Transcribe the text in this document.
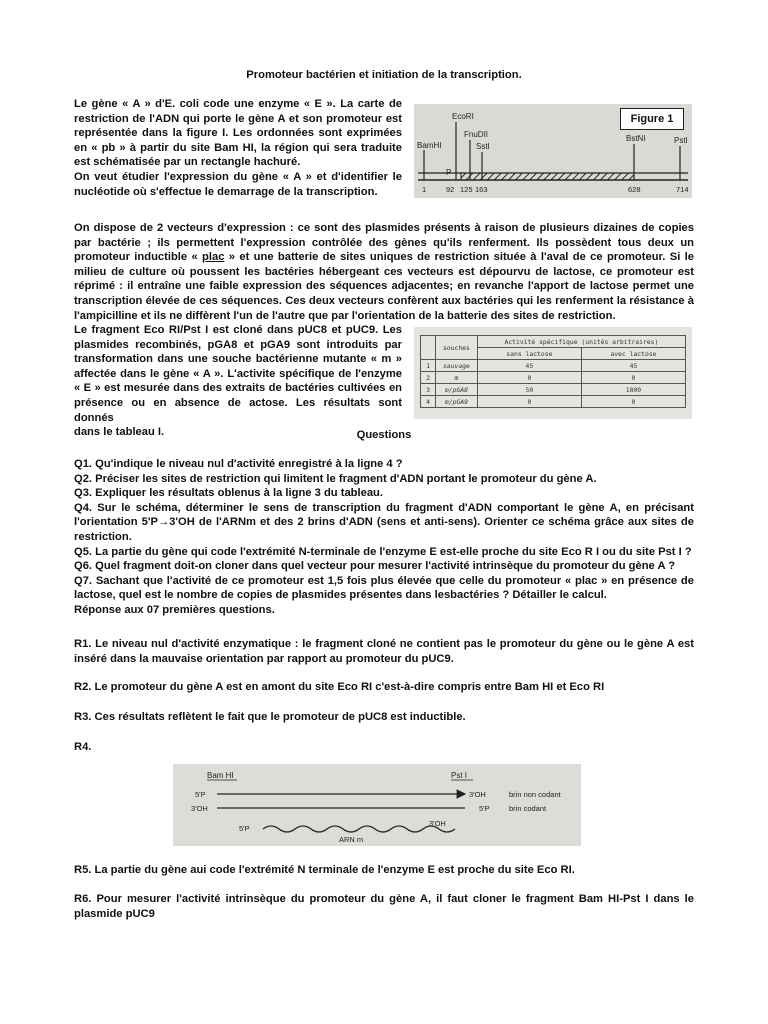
Promoteur bactérien et initiation de la transcription.

Le gène « A » d'E. coli code une enzyme « E ». La carte de

restriction de l'ADN qui porte le gène A et son promoteur est

représentée dans la figure I. Les ordonnées sont exprimées

en « pb » à partir du site Bam HI, la région qui sera traduite

est schématisée par un rectangle hachuré.

On veut étudier l'expression du gène « A » et d'identifier le

nucléotide où s'effectue le demarrage de la transcription.

BamHI
EcoRI
FnuDII
SstI
BstNI	PstI
P
1	92 125 163	628	714
Figure 1
On dispose de 2 vecteurs d'expression : ce sont des plasmides présents à raison de plusieurs dizaines de copies par bactérie ; ils permettent l'expression contrôlée des gènes qu'ils renferment. Ils possèdent tous deux un promoteur inductible « plac » et une batterie de sites uniques de restriction située à l'aval de ce promoteur. Si le milieu de culture où poussent les bactéries hébergeant ces vecteurs est dépourvu de lactose, ce promoteur est réprimé : il entraîne une faible expression des séquences adjacentes; en revanche l'apport de lactose permet une transcription élevée de ces séquences. Ces deux vecteurs confèrent aux bactéries qui les renferment la résistance à l'ampicilline et ils ne diffèrent l'un de l'autre que par l'orientation de la batterie des sites de restriction.

Le fragment Eco RI/Pst I est cloné dans pUC8 et pUC9. Les

plasmides recombinés, pGA8 et pGA9 sont introduits par

transformation dans une souche bactérienne mutante « m »

affectée dans le gène « A ». L'activite spécifique de l'enzyme

« E » est mesurée dans des extraits de bactéries cultivées en

présence ou en absence de actose. Les résultats sont donnés

dans le tableau I.

	souches	Activité spécifique (unités arbitraires)	
		sans lactose	avec lactose
1	sauvage	45	45
2	m	0	0
3	m/pGA8	50	1800
4	m/pGA9	0	0
Questions

Q1. Qu'indique le niveau nul d'activité enregistré à la ligne 4 ?

Q2. Préciser les sites de restriction qui limitent le fragment d'ADN portant le promoteur du gène A.

Q3. Expliquer les résultats oblenus à la ligne 3 du tableau.

Q4. Sur le schéma, déterminer le sens de transcription du fragment d'ADN comportant le gène A, en précisant

l'orientation 5'P→3'OH de l'ARNm et des 2 brins d'ADN (sens et anti-sens). Orienter ce schéma grâce aux sites de

restriction.

Q5. La partie du gène qui code l'extrémité N-terminale de l'enzyme E est-elle proche du site Eco R I ou du site Pst I ?

Q6. Quel fragment doit-on cloner dans quel vecteur pour mesurer l'activité intrinsèque du promoteur du gène A ?

Q7. Sachant que l'activité de ce promoteur est 1,5 fois plus élevée que celle du promoteur « plac » en présence de

lactose, quel est le nombre de copies de plasmides présentes dans lesbactéries ? Détailler le calcul.

Réponse aux 07 premières questions.

R1. Le niveau nul d'activité enzymatique : le fragment cloné ne contient pas le promoteur du gène ou le gène A est

inséré dans la mauvaise orientation par rapport au promoteur du pUC9.

R2. Le promoteur du gène A est en amont du site Eco RI c'est-à-dire compris entre Bam HI et Eco RI
R3. Ces résultats reflètent le fait que le promoteur de pUC8 est inductible.
R4.
Bam HI	Pst I
5'P	3'OH	brin non codant
3'OH	5'P	brin codant
5'P
3'OH
ARN m
R5. La partie du gène aui code l'extrémité N terminale de l'enzyme E est proche du site Eco RI.

R6. Pour mesurer l'activité intrinsèque du promoteur du gène A, il faut cloner le fragment Bam HI-Pst I dans le

plasmide pUC9
